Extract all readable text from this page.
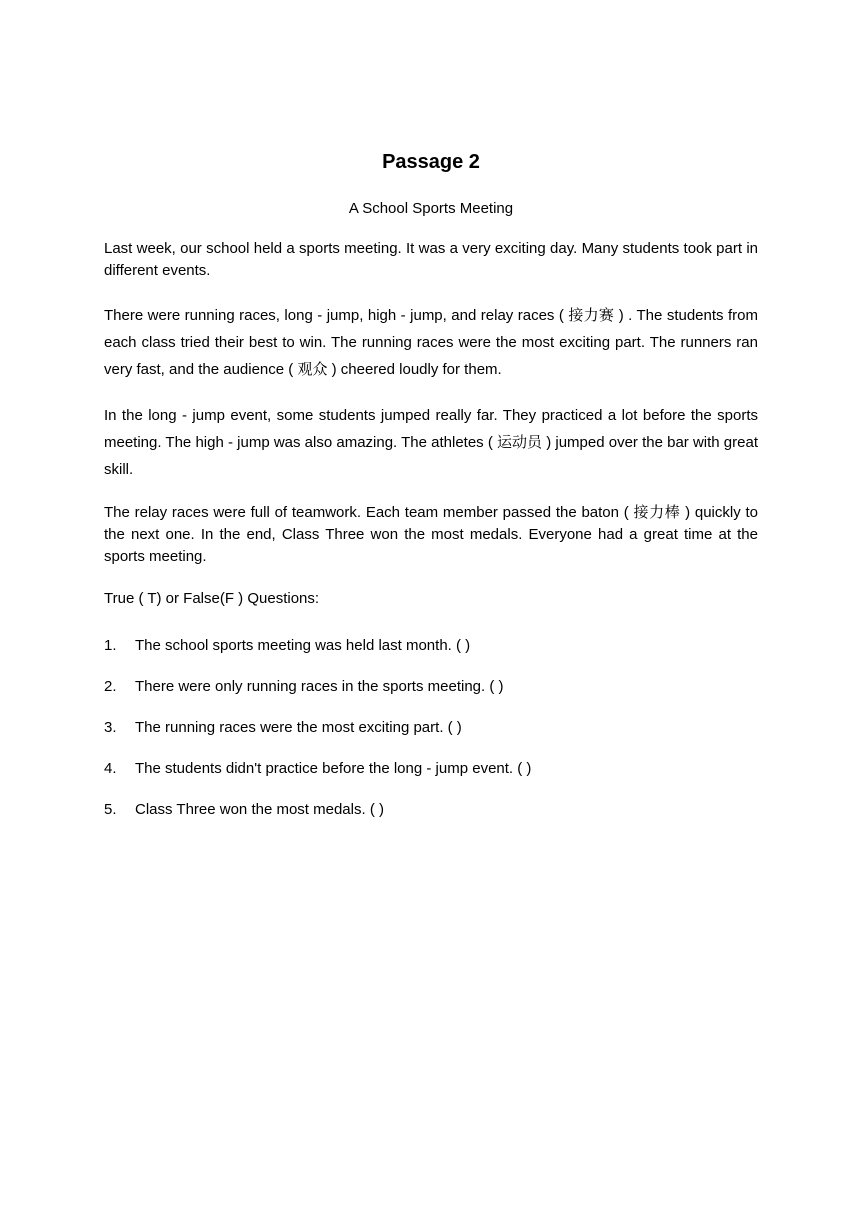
Passage 2
A School Sports Meeting

Last week, our school held a sports meeting. It was a very exciting day. Many students took part in different events.

There were running races, long - jump, high - jump, and relay races ( 接力赛 ) . The students from each class tried their best to win. The running races were the most exciting part. The runners ran very fast, and the audience ( 观众 ) cheered loudly for them.

In the long - jump event, some students jumped really far. They practiced a lot before the sports meeting. The high - jump was also amazing. The athletes ( 运动员 ) jumped over the bar with great skill.

The relay races were full of teamwork. Each team member passed the baton ( 接力棒 ) quickly to the next one. In the end, Class Three won the most medals. Everyone had a great time at the sports meeting.

True ( T) or False(F ) Questions:
1.	The school sports meeting was held last month. ( )
2.	There were only running races in the sports meeting. ( )
3.	The running races were the most exciting part. ( )
4.	The students didn't practice before the long - jump event. ( )
5.	Class Three won the most medals. ( )
